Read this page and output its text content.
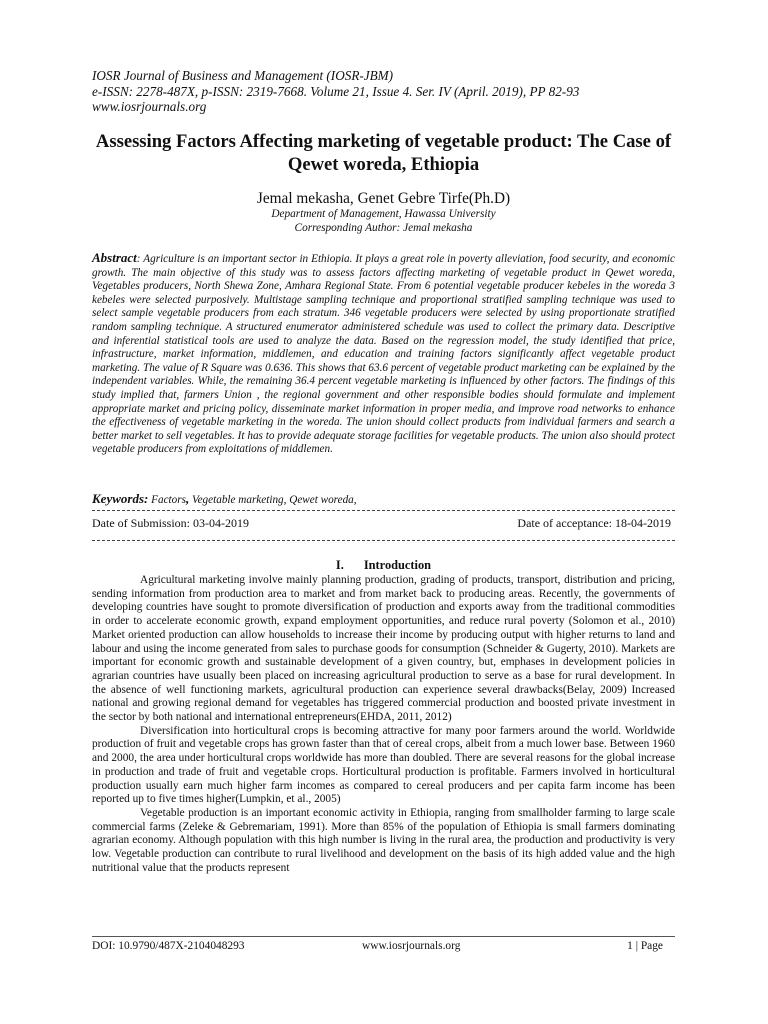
IOSR Journal of Business and Management (IOSR-JBM)
e-ISSN: 2278-487X, p-ISSN: 2319-7668. Volume 21, Issue 4. Ser. IV (April. 2019), PP 82-93
www.iosrjournals.org
Assessing Factors Affecting marketing of vegetable product: The Case of Qewet woreda, Ethiopia
Jemal mekasha, Genet Gebre Tirfe(Ph.D)
Department of Management, Hawassa University
Corresponding Author: Jemal mekasha
Abstract: Agriculture is an important sector in Ethiopia. It plays a great role in poverty alleviation, food security, and economic growth. The main objective of this study was to assess factors affecting marketing of vegetable product in Qewet woreda, Vegetables producers, North Shewa Zone, Amhara Regional State. From 6 potential vegetable producer kebeles in the woreda 3 kebeles were selected purposively. Multistage sampling technique and proportional stratified sampling technique was used to select sample vegetable producers from each stratum. 346 vegetable producers were selected by using proportionate stratified random sampling technique. A structured enumerator administered schedule was used to collect the primary data. Descriptive and inferential statistical tools are used to analyze the data. Based on the regression model, the study identified that price, infrastructure, market information, middlemen, and education and training factors significantly affect vegetable product marketing. The value of R Square was 0.636. This shows that 63.6 percent of vegetable product marketing can be explained by the independent variables. While, the remaining 36.4 percent vegetable marketing is influenced by other factors. The findings of this study implied that, farmers Union , the regional government and other responsible bodies should formulate and implement appropriate market and pricing policy, disseminate market information in proper media, and improve road networks to enhance the effectiveness of vegetable marketing in the woreda. The union should collect products from individual farmers and search a better market to sell vegetables. It has to provide adequate storage facilities for vegetable products. The union also should protect vegetable producers from exploitations of middlemen.
Keywords: Factors, Vegetable marketing, Qewet woreda,
Date of Submission: 03-04-2019	Date of acceptance: 18-04-2019
I. Introduction

Agricultural marketing involve mainly planning production, grading of products, transport, distribution and pricing, sending information from production area to market and from market back to producing areas. Recently, the governments of developing countries have sought to promote diversification of production and exports away from the traditional commodities in order to accelerate economic growth, expand employment opportunities, and reduce rural poverty (Solomon et al., 2010) Market oriented production can allow households to increase their income by producing output with higher returns to land and labour and using the income generated from sales to purchase goods for consumption (Schneider & Gugerty, 2010). Markets are important for economic growth and sustainable development of a given country, but, emphases in development policies in agrarian countries have usually been placed on increasing agricultural production to serve as a base for rural development. In the absence of well functioning markets, agricultural production can experience several drawbacks(Belay, 2009) Increased national and growing regional demand for vegetables has triggered commercial production and boosted private investment in the sector by both national and international entrepreneurs(EHDA, 2011, 2012)

Diversification into horticultural crops is becoming attractive for many poor farmers around the world. Worldwide production of fruit and vegetable crops has grown faster than that of cereal crops, albeit from a much lower base. Between 1960 and 2000, the area under horticultural crops worldwide has more than doubled. There are several reasons for the global increase in production and trade of fruit and vegetable crops. Horticultural production is profitable. Farmers involved in horticultural production usually earn much higher farm incomes as compared to cereal producers and per capita farm income has been reported up to five times higher(Lumpkin, et al., 2005)

Vegetable production is an important economic activity in Ethiopia, ranging from smallholder farming to large scale commercial farms (Zeleke & Gebremariam, 1991). More than 85% of the population of Ethiopia is small farmers dominating agrarian economy. Although population with this high number is living in the rural area, the production and productivity is very low. Vegetable production can contribute to rural livelihood and development on the basis of its high added value and the high nutritional value that the products represent

DOI: 10.9790/487X-2104048293	www.iosrjournals.org	1 | Page
